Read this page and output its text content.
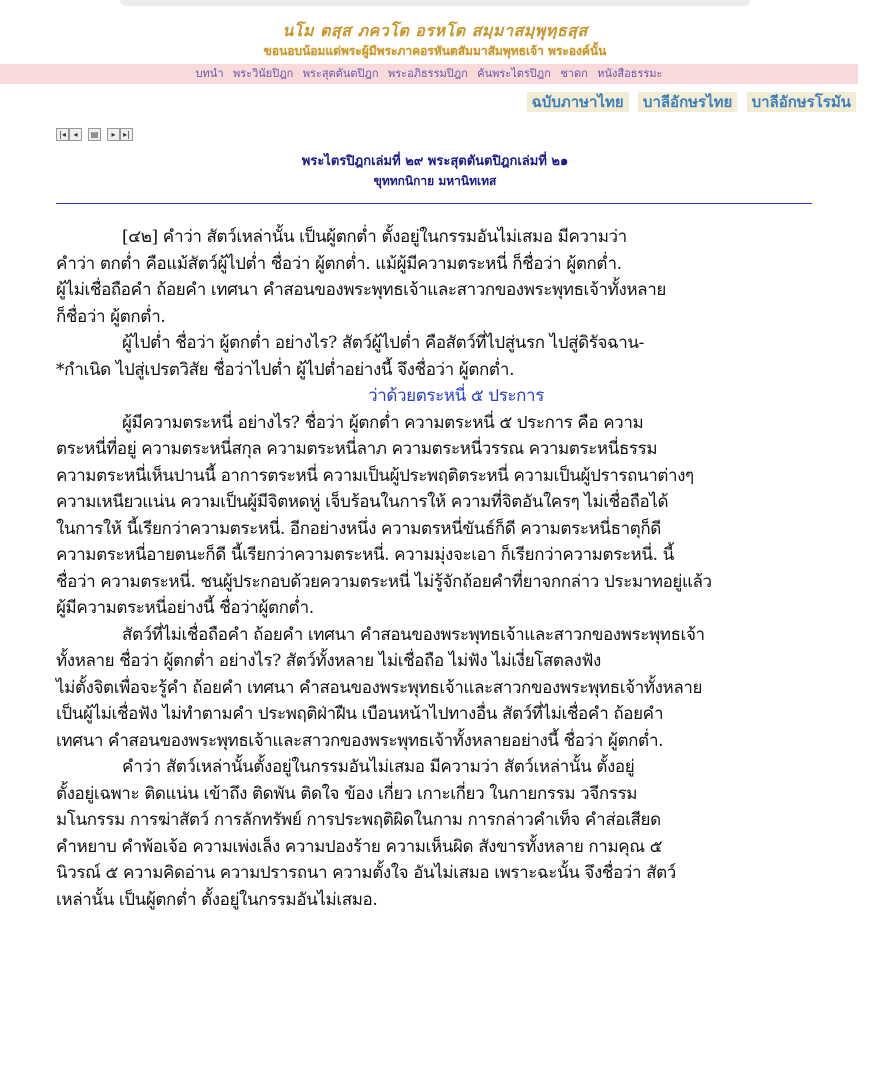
นโม ตสฺส ภควโต อรหโต สมฺมาสมฺพุทฺธสฺส
ขอนอบน้อมแด่พระผู้มีพระภาคอรหันตสัมมาสัมพุทธเจ้า พระองค์นั้น
บทนำ พระวินัยปิฎก พระสุตตันตปิฎก พระอภิธรรมปิฎก ค้นพระไตรปิฎก ชาดก หนังสือธรรมะ
ฉบับภาษาไทย บาลีอักษรไทย บาลีอักษรโรมัน
|◂ ◂	▤	▸ ▸|
พระไตรปิฎกเล่มที่ ๒๙ พระสุตตันตปิฎกเล่มที่ ๒๑
ขุททกนิกาย มหานิทเทส
[๔๒] คำว่า สัตว์เหล่านั้น เป็นผู้ตกต่ำ ตั้งอยู่ในกรรมอันไม่เสมอ มีความว่า
คำว่า ตกต่ำ คือแม้สัตว์ผู้ไปต่ำ ชื่อว่า ผู้ตกต่ำ. แม้ผู้มีความตระหนี่ ก็ชื่อว่า ผู้ตกต่ำ.
ผู้ไม่เชื่อถือคำ ถ้อยคำ เทศนา คำสอนของพระพุทธเจ้าและสาวกของพระพุทธเจ้าทั้งหลาย
ก็ชื่อว่า ผู้ตกต่ำ.
ผู้ไปต่ำ ชื่อว่า ผู้ตกต่ำ อย่างไร? สัตว์ผู้ไปต่ำ คือสัตว์ที่ไปสู่นรก ไปสู่ดิรัจฉาน-
*กำเนิด ไปสู่เปรตวิสัย ชื่อว่าไปต่ำ ผู้ไปต่ำอย่างนี้ จึงชื่อว่า ผู้ตกต่ำ.
ว่าด้วยตระหนี่ ๕ ประการ
ผู้มีความตระหนี่ อย่างไร? ชื่อว่า ผู้ตกต่ำ ความตระหนี่ ๕ ประการ คือ ความ
ตระหนี่ที่อยู่ ความตระหนี่สกุล ความตระหนี่ลาภ ความตระหนี่วรรณ ความตระหนี่ธรรม
ความตระหนี่เห็นปานนี้ อาการตระหนี่ ความเป็นผู้ประพฤติตระหนี่ ความเป็นผู้ปรารถนาต่างๆ
ความเหนียวแน่น ความเป็นผู้มีจิตหดหู่ เจ็บร้อนในการให้ ความที่จิตอันใครๆ ไม่เชื่อถือได้
ในการให้ นี้เรียกว่าความตระหนี่. อีกอย่างหนึ่ง ความตรหนี่ขันธ์ก็ดี ความตระหนี่ธาตุก็ดี
ความตระหนี่อายตนะก็ดี นี้เรียกว่าความตระหนี่. ความมุ่งจะเอา ก็เรียกว่าความตระหนี่. นี้
ชื่อว่า ความตระหนี่. ชนผู้ประกอบด้วยความตระหนี่ ไม่รู้จักถ้อยคำที่ยาจกกล่าว ประมาทอยู่แล้ว
ผู้มีความตระหนี่อย่างนี้ ชื่อว่าผู้ตกต่ำ.
สัตว์ที่ไม่เชื่อถือคำ ถ้อยคำ เทศนา คำสอนของพระพุทธเจ้าและสาวกของพระพุทธเจ้า
ทั้งหลาย ชื่อว่า ผู้ตกต่ำ อย่างไร? สัตว์ทั้งหลาย ไม่เชื่อถือ ไม่ฟัง ไม่เงี่ยโสตลงฟัง
ไม่ตั้งจิตเพื่อจะรู้คำ ถ้อยคำ เทศนา คำสอนของพระพุทธเจ้าและสาวกของพระพุทธเจ้าทั้งหลาย
เป็นผู้ไม่เชื่อฟัง ไม่ทำตามคำ ประพฤติฝ่าฝืน เบือนหน้าไปทางอื่น สัตว์ที่ไม่เชื่อคำ ถ้อยคำ
เทศนา คำสอนของพระพุทธเจ้าและสาวกของพระพุทธเจ้าทั้งหลายอย่างนี้ ชื่อว่า ผู้ตกต่ำ.
คำว่า สัตว์เหล่านั้นตั้งอยู่ในกรรมอันไม่เสมอ มีความว่า สัตว์เหล่านั้น ตั้งอยู่
ตั้งอยู่เฉพาะ ติดแน่น เข้าถึง ติดพัน ติดใจ ข้อง เกี่ยว เกาะเกี่ยว ในกายกรรม วจีกรรม
มโนกรรม การฆ่าสัตว์ การลักทรัพย์ การประพฤติผิดในกาม การกล่าวคำเท็จ คำส่อเสียด
คำหยาบ คำพ้อเจ้อ ความเพ่งเล็ง ความปองร้าย ความเห็นผิด สังขารทั้งหลาย กามคุณ ๕
นิวรณ์ ๕ ความคิดอ่าน ความปรารถนา ความตั้งใจ อันไม่เสมอ เพราะฉะนั้น จึงชื่อว่า สัตว์
เหล่านั้น เป็นผู้ตกต่ำ ตั้งอยู่ในกรรมอันไม่เสมอ.
